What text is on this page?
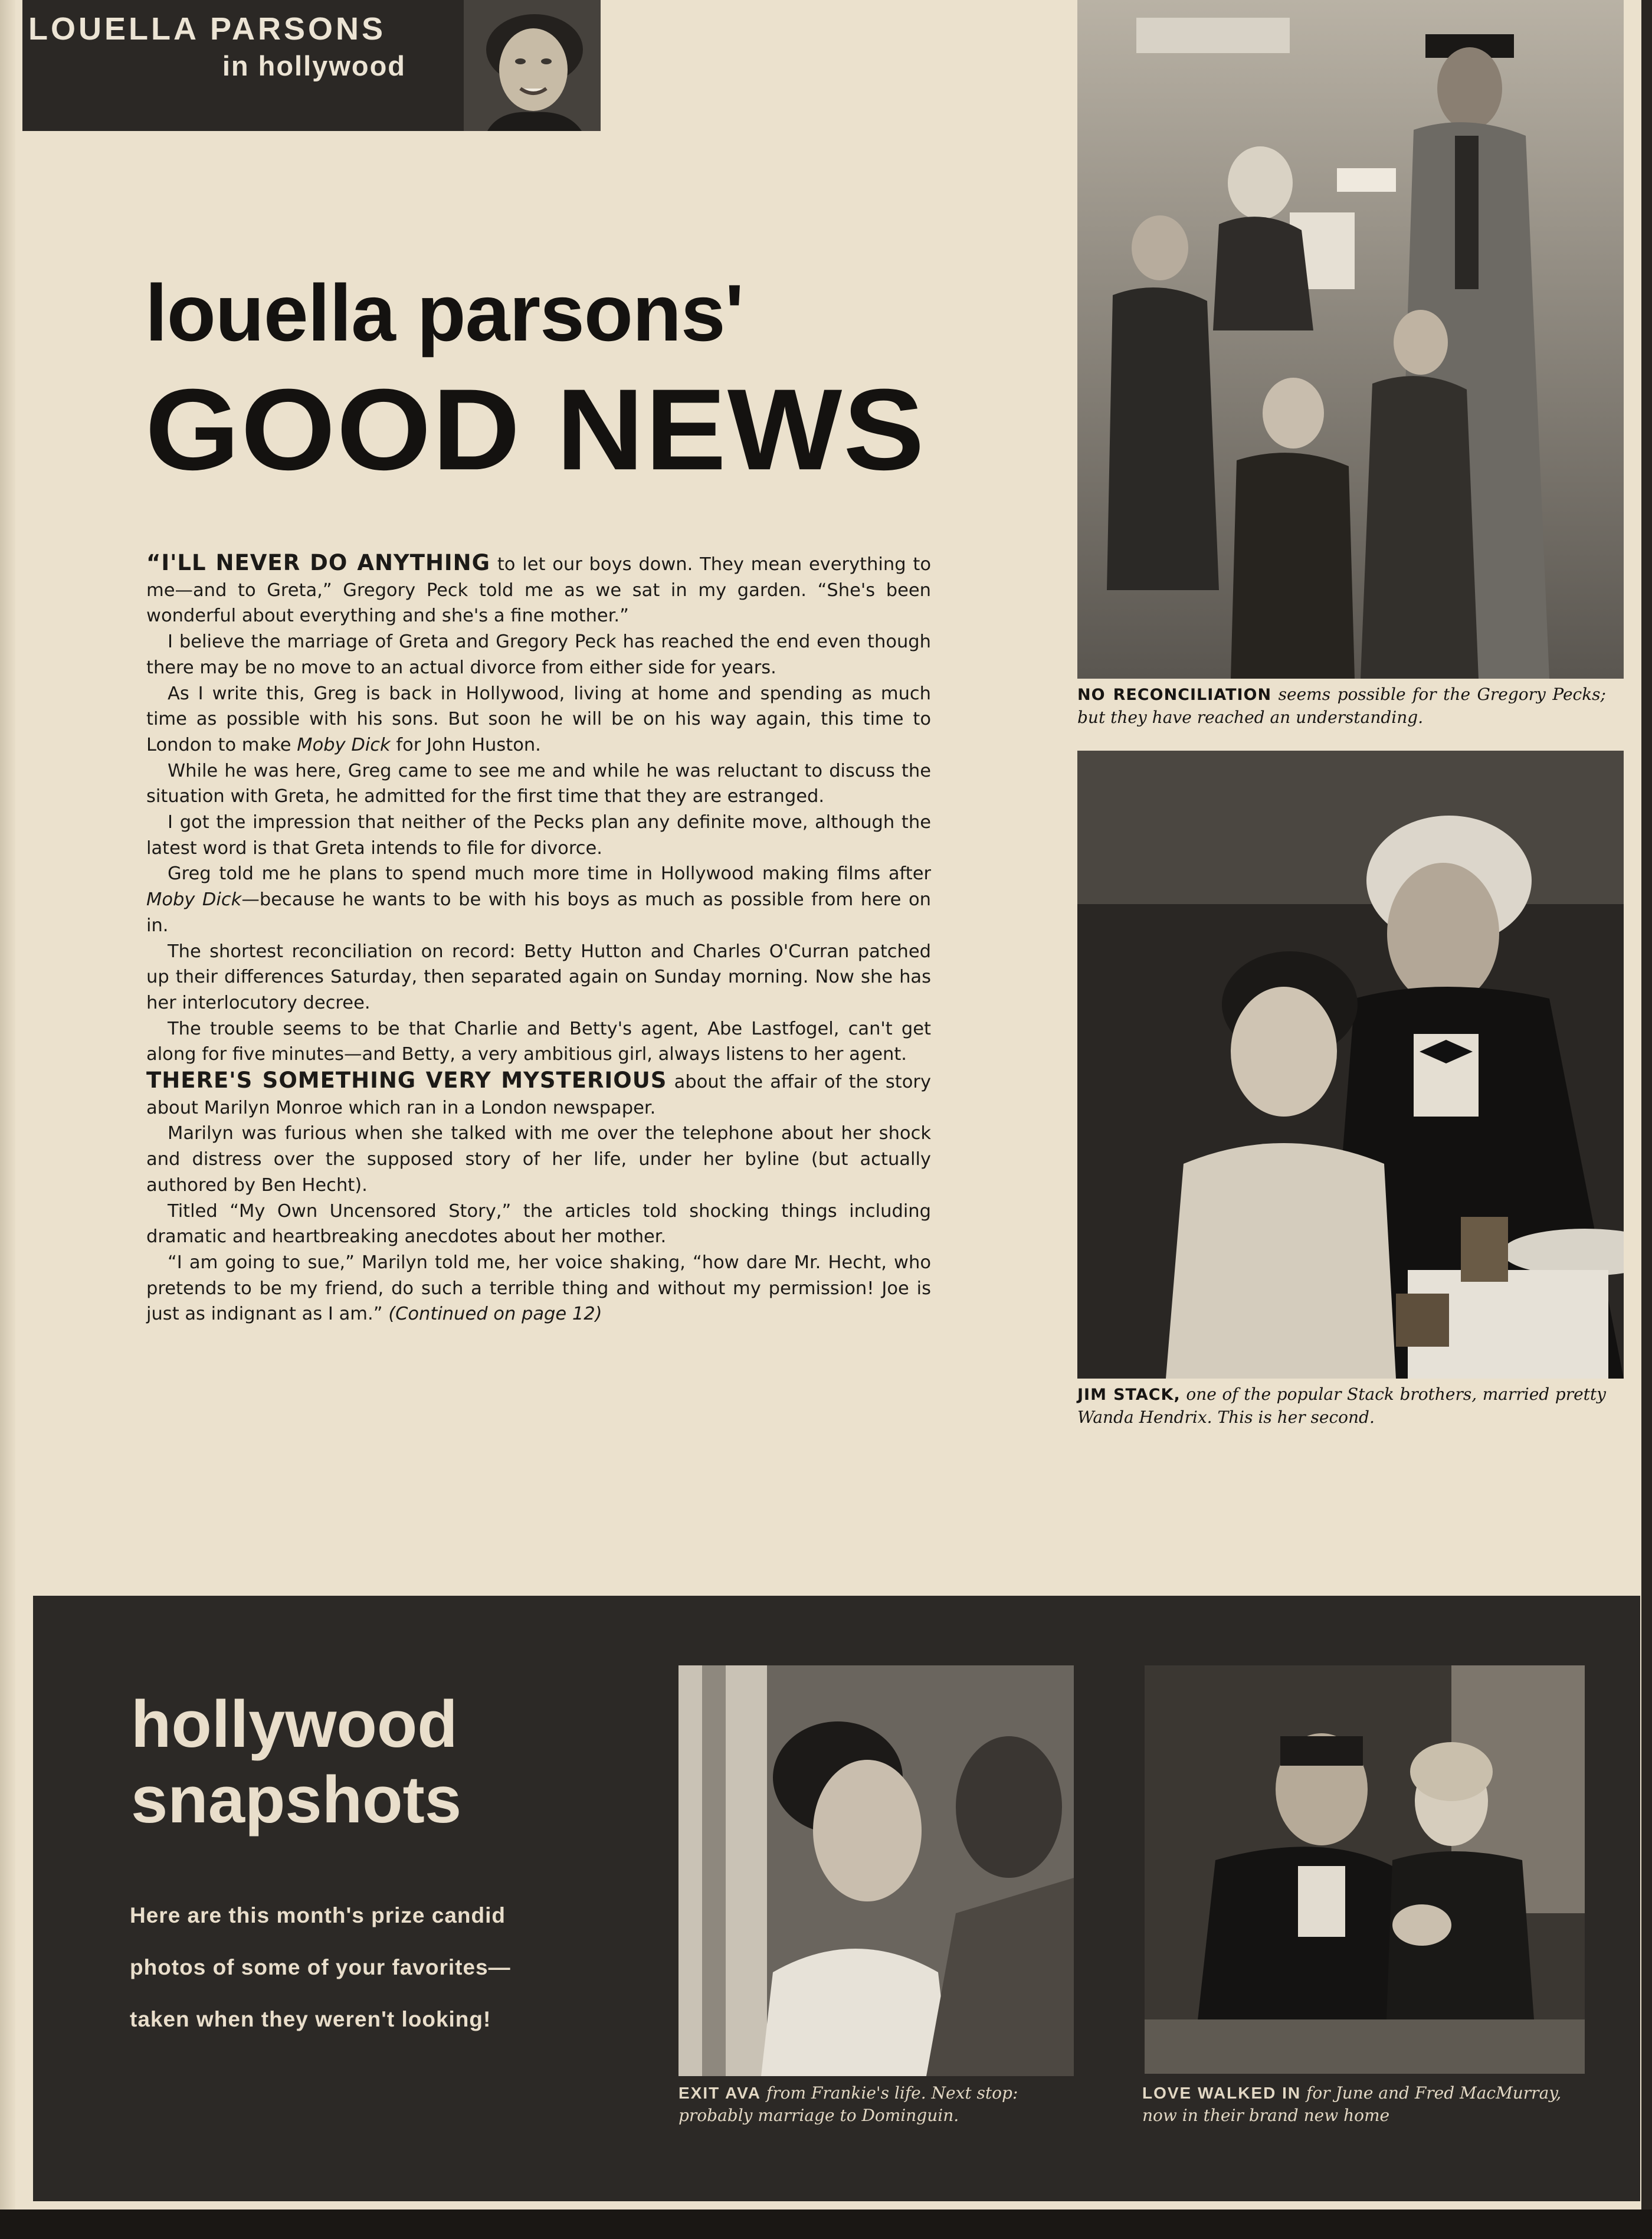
LOUELLA PARSONS
in hollywood
louella parsons'
GOOD NEWS

“I'LL NEVER DO ANYTHING to let our boys down. They mean everything to me—and to Greta,” Gregory Peck told me as we sat in my garden. “She's been wonderful about everything and she's a fine mother.”

I believe the marriage of Greta and Gregory Peck has reached the end even though there may be no move to an actual divorce from either side for years.

As I write this, Greg is back in Hollywood, living at home and spending as much time as possible with his sons. But soon he will be on his way again, this time to London to make Moby Dick for John Huston.

While he was here, Greg came to see me and while he was reluctant to discuss the situation with Greta, he admitted for the first time that they are estranged.

I got the impression that neither of the Pecks plan any definite move, although the latest word is that Greta intends to file for divorce.

Greg told me he plans to spend much more time in Hollywood making films after Moby Dick—because he wants to be with his boys as much as possible from here on in.

The shortest reconciliation on record: Betty Hutton and Charles O'Curran patched up their differences Saturday, then separated again on Sunday morning. Now she has her interlocutory decree.

The trouble seems to be that Charlie and Betty's agent, Abe Lastfogel, can't get along for five minutes—and Betty, a very ambitious girl, always listens to her agent.

THERE'S SOMETHING VERY MYSTERIOUS about the affair of the story about Marilyn Monroe which ran in a London newspaper.

Marilyn was furious when she talked with me over the telephone about her shock and distress over the supposed story of her life, under her byline (but actually authored by Ben Hecht).

Titled “My Own Uncensored Story,” the articles told shocking things including dramatic and heartbreaking anecdotes about her mother.

“I am going to sue,” Marilyn told me, her voice shaking, “how dare Mr. Hecht, who pretends to be my friend, do such a terrible thing and without my permission! Joe is just as indignant as I am.” (Continued on page 12)

NO RECONCILIATION seems possible for the Gregory Pecks; but they have reached an understanding.
JIM STACK, one of the popular Stack brothers, married pretty Wanda Hendrix. This is her second.
hollywood
snapshots
Here are this month's prize candid photos of some of your favorites—taken when they weren't looking!
EXIT AVA from Frankie's life. Next stop: probably marriage to Dominguin.
LOVE WALKED IN for June and Fred MacMurray, now in their brand new home
